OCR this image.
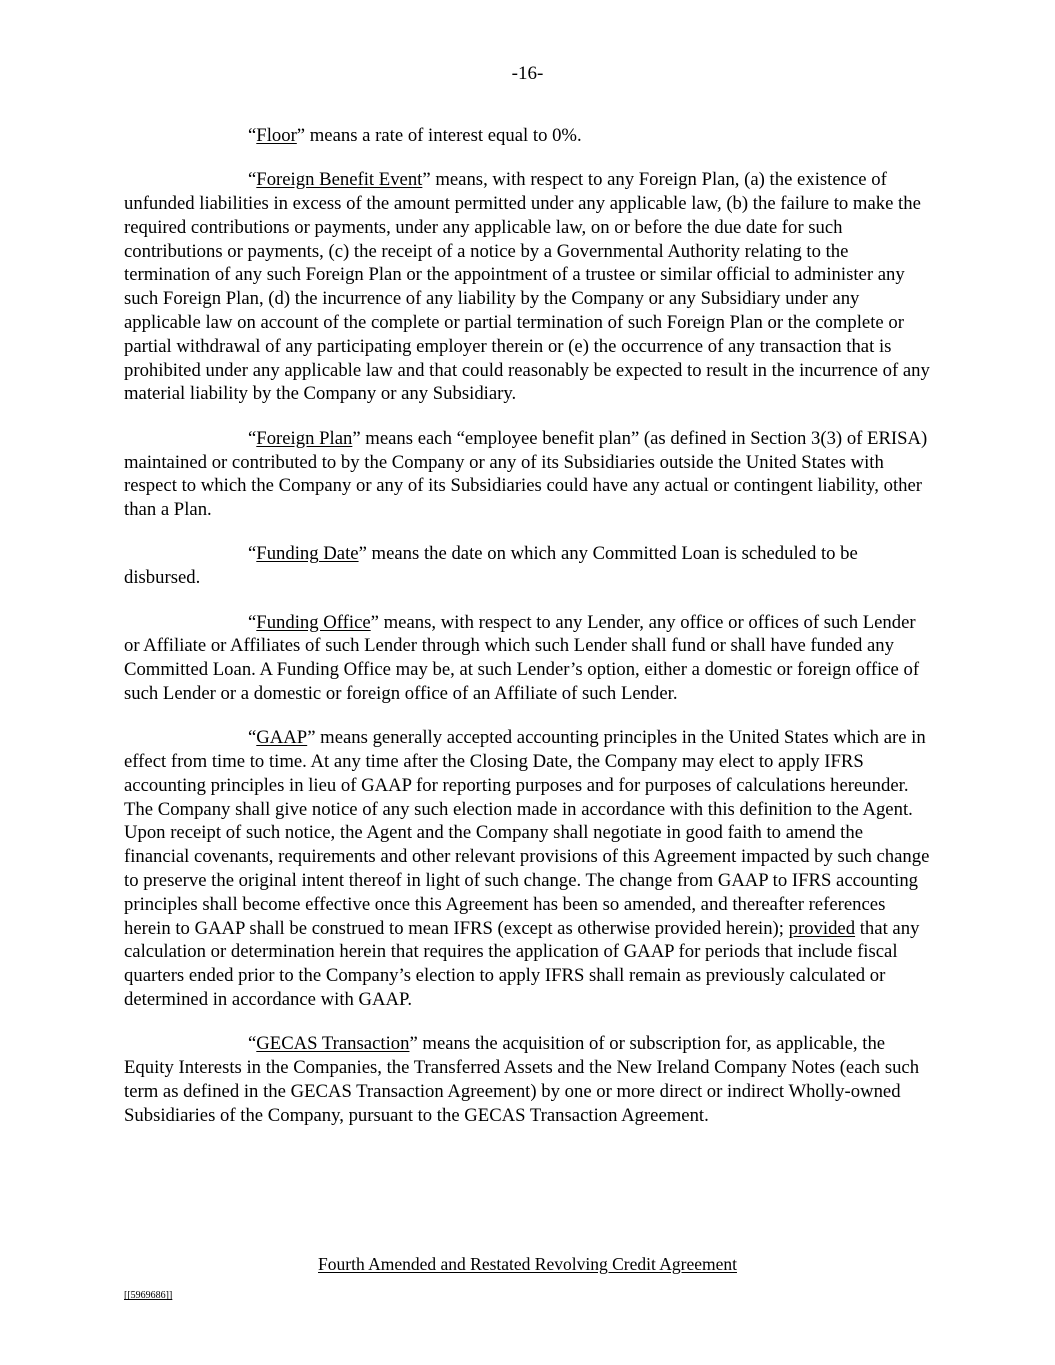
-16-

“Floor” means a rate of interest equal to 0%.

“Foreign Benefit Event” means, with respect to any Foreign Plan, (a) the existence of unfunded liabilities in excess of the amount permitted under any applicable law, (b) the failure to make the required contributions or payments, under any applicable law, on or before the due date for such contributions or payments, (c) the receipt of a notice by a Governmental Authority relating to the termination of any such Foreign Plan or the appointment of a trustee or similar official to administer any such Foreign Plan, (d) the incurrence of any liability by the Company or any Subsidiary under any applicable law on account of the complete or partial termination of such Foreign Plan or the complete or partial withdrawal of any participating employer therein or (e) the occurrence of any transaction that is prohibited under any applicable law and that could reasonably be expected to result in the incurrence of any material liability by the Company or any Subsidiary.

“Foreign Plan” means each “employee benefit plan” (as defined in Section 3(3) of ERISA) maintained or contributed to by the Company or any of its Subsidiaries outside the United States with respect to which the Company or any of its Subsidiaries could have any actual or contingent liability, other than a Plan.

“Funding Date” means the date on which any Committed Loan is scheduled to be disbursed.

“Funding Office” means, with respect to any Lender, any office or offices of such Lender or Affiliate or Affiliates of such Lender through which such Lender shall fund or shall have funded any Committed Loan. A Funding Office may be, at such Lender’s option, either a domestic or foreign office of such Lender or a domestic or foreign office of an Affiliate of such Lender.

“GAAP” means generally accepted accounting principles in the United States which are in effect from time to time. At any time after the Closing Date, the Company may elect to apply IFRS accounting principles in lieu of GAAP for reporting purposes and for purposes of calculations hereunder. The Company shall give notice of any such election made in accordance with this definition to the Agent. Upon receipt of such notice, the Agent and the Company shall negotiate in good faith to amend the financial covenants, requirements and other relevant provisions of this Agreement impacted by such change to preserve the original intent thereof in light of such change. The change from GAAP to IFRS accounting principles shall become effective once this Agreement has been so amended, and thereafter references herein to GAAP shall be construed to mean IFRS (except as otherwise provided herein); provided that any calculation or determination herein that requires the application of GAAP for periods that include fiscal quarters ended prior to the Company’s election to apply IFRS shall remain as previously calculated or determined in accordance with GAAP.

“GECAS Transaction” means the acquisition of or subscription for, as applicable, the Equity Interests in the Companies, the Transferred Assets and the New Ireland Company Notes (each such term as defined in the GECAS Transaction Agreement) by one or more direct or indirect Wholly-owned Subsidiaries of the Company, pursuant to the GECAS Transaction Agreement.

Fourth Amended and Restated Revolving Credit Agreement
[[5969686]]
